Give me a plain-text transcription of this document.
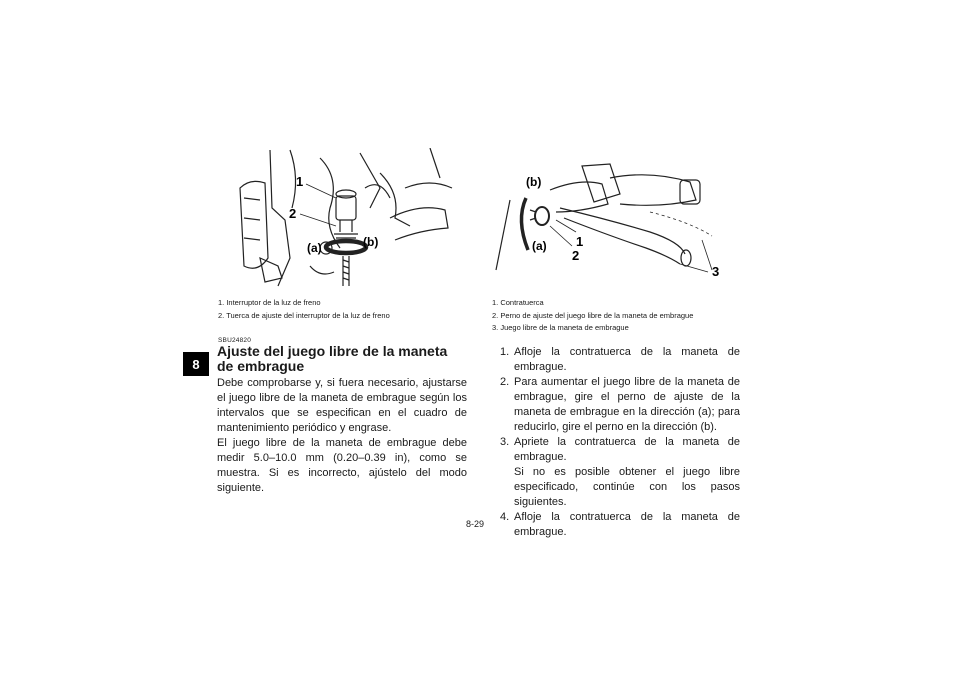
8
1
2
(a)	(b)
1. Interruptor de la luz de freno
2. Tuerca de ajuste del interruptor de la luz de freno
(b)
(a) 1
2
3
1. Contratuerca
2. Perno de ajuste del juego libre de la maneta de embrague
3. Juego libre de la maneta de embrague
SBU24820
Ajuste del juego libre de la maneta de embrague

Debe comprobarse y, si fuera necesario, ajustarse el juego libre de la maneta de embrague según los intervalos que se especifican en el cuadro de mantenimiento periódico y engrase.

El juego libre de la maneta de embrague debe medir 5.0–10.0 mm (0.20–0.39 in), como se muestra. Si es incorrecto, ajústelo del modo siguiente.

1. Afloje la contratuerca de la maneta de embrague.
2. Para aumentar el juego libre de la maneta de embrague, gire el perno de ajuste de la maneta de embrague en la dirección (a); para reducirlo, gire el perno en la dirección (b).
3. Apriete la contratuerca de la maneta de embrague.
Si no es posible obtener el juego libre especificado, continúe con los pasos siguientes.
4. Afloje la contratuerca de la maneta de embrague.
8-29
